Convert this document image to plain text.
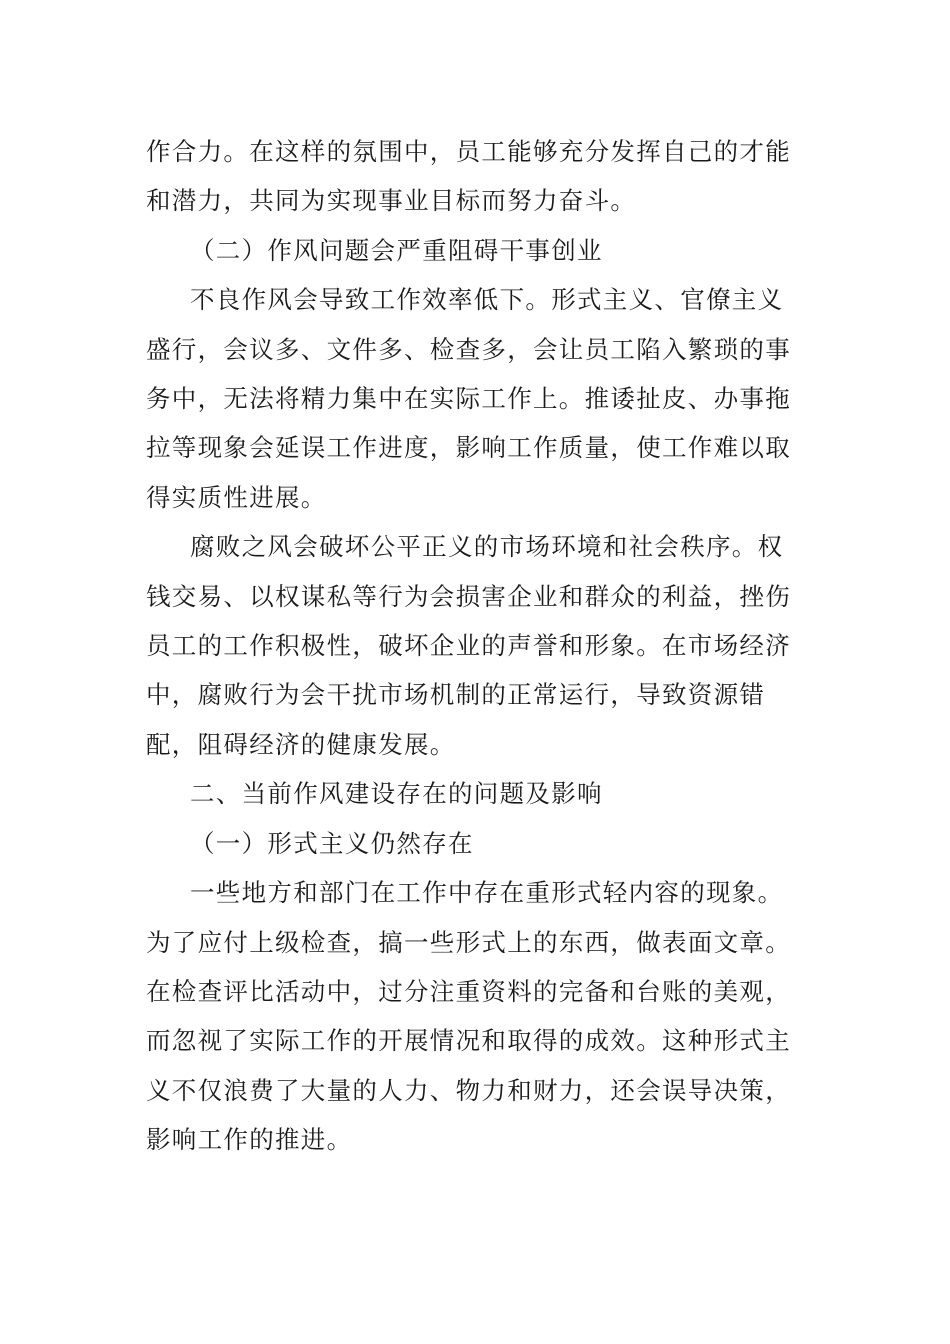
作合力。在这样的氛围中，员工能够充分发挥自己的才能和潜力，共同为实现事业目标而努力奋斗。

（二）作风问题会严重阻碍干事创业

不良作风会导致工作效率低下。形式主义、官僚主义盛行，会议多、文件多、检查多，会让员工陷入繁琐的事务中，无法将精力集中在实际工作上。推诿扯皮、办事拖拉等现象会延误工作进度，影响工作质量，使工作难以取得实质性进展。

腐败之风会破坏公平正义的市场环境和社会秩序。权钱交易、以权谋私等行为会损害企业和群众的利益，挫伤员工的工作积极性，破坏企业的声誉和形象。在市场经济中，腐败行为会干扰市场机制的正常运行，导致资源错配，阻碍经济的健康发展。

二、当前作风建设存在的问题及影响

（一）形式主义仍然存在

一些地方和部门在工作中存在重形式轻内容的现象。为了应付上级检查，搞一些形式上的东西，做表面文章。在检查评比活动中，过分注重资料的完备和台账的美观，而忽视了实际工作的开展情况和取得的成效。这种形式主义不仅浪费了大量的人力、物力和财力，还会误导决策，影响工作的推进。
